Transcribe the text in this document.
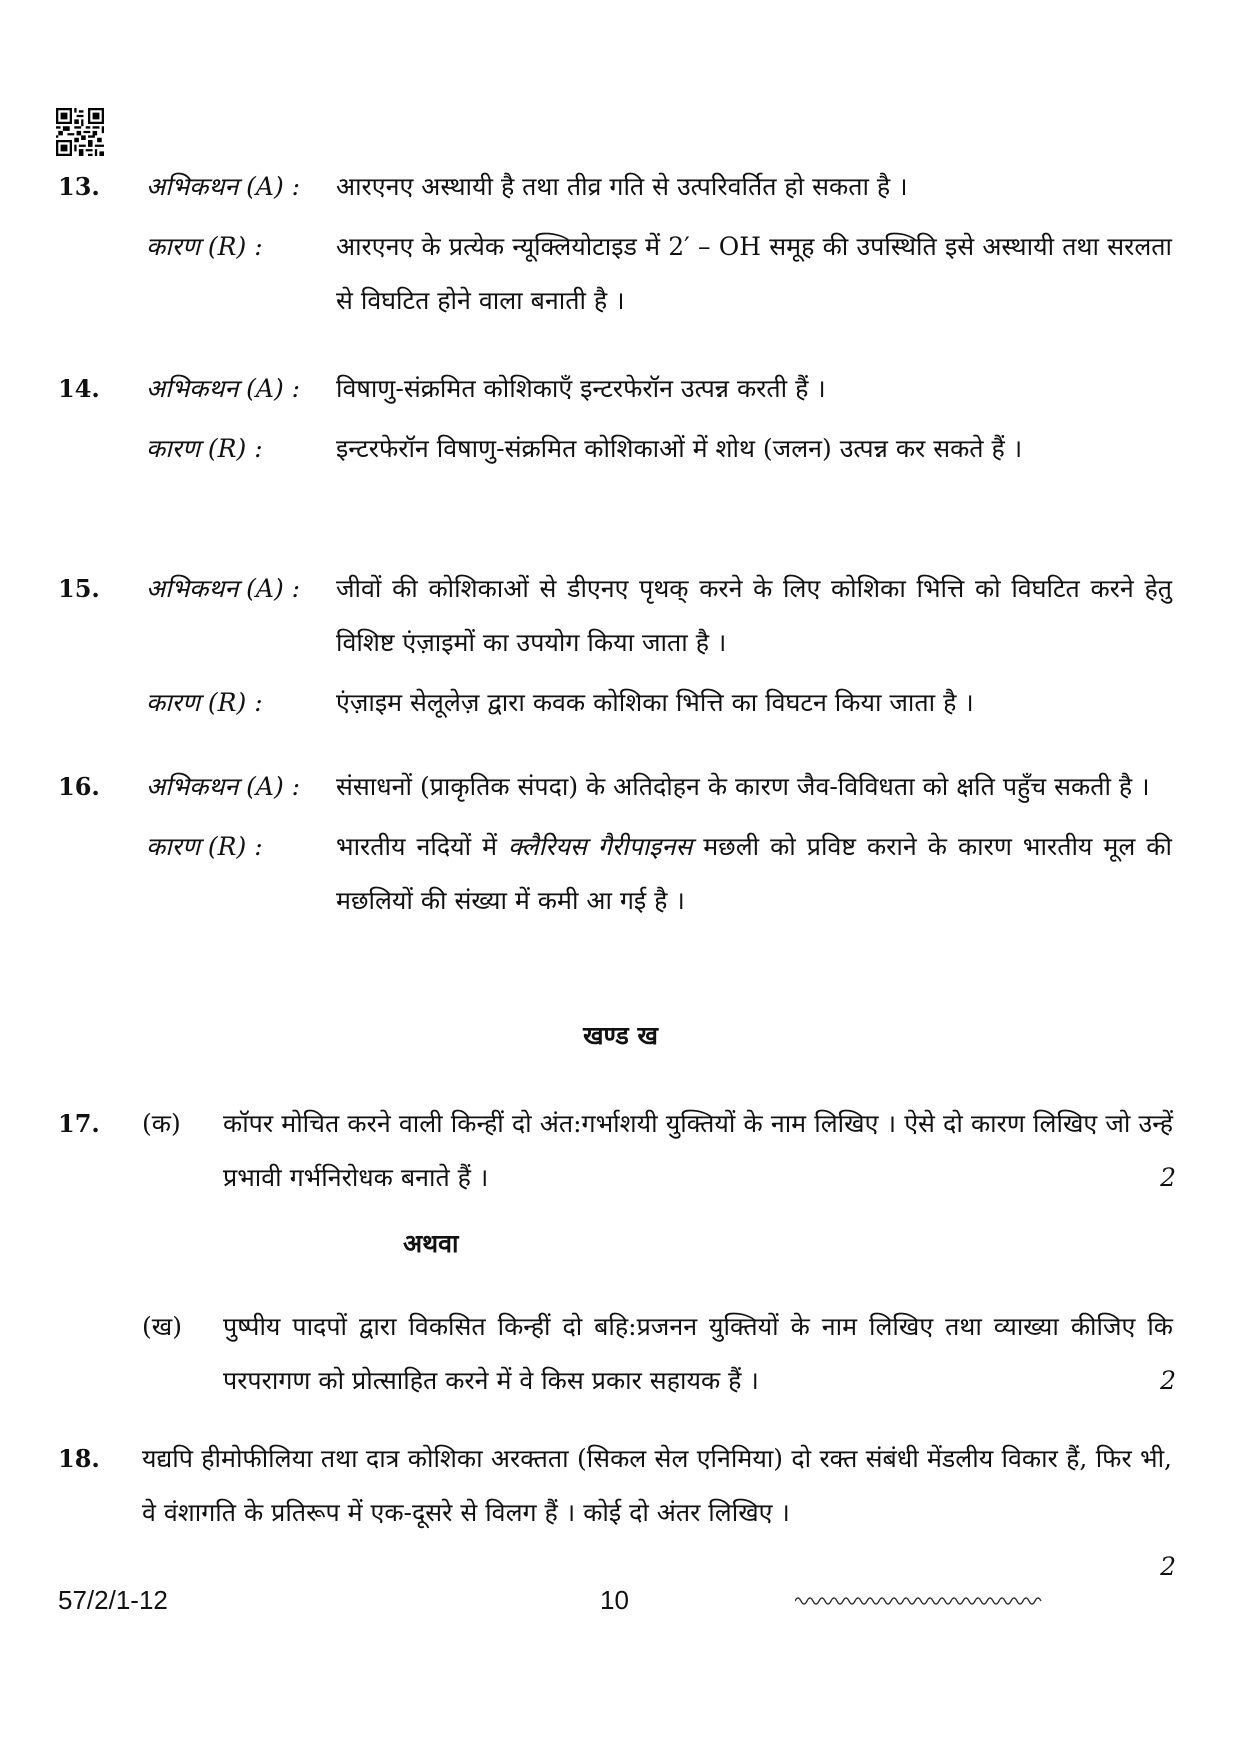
13. अभिकथन (A) : आरएनए अस्थायी है तथा तीव्र गति से उत्परिवर्तित हो सकता है ।
कारण (R) :	आरएनए के प्रत्येक न्यूक्लियोटाइड में 2′ – OH समूह की उपस्थिति इसे अस्थायी तथा सरलता से विघटित होने वाला बनाती है ।
14. अभिकथन (A) : विषाणु-संक्रमित कोशिकाएँ इन्टरफेरॉन उत्पन्न करती हैं ।
कारण (R) :	इन्टरफेरॉन विषाणु-संक्रमित कोशिकाओं में शोथ (जलन) उत्पन्न कर सकते हैं ।
15. अभिकथन (A) : जीवों की कोशिकाओं से डीएनए पृथक् करने के लिए कोशिका भित्ति को विघटित करने हेतु विशिष्ट एंज़ाइमों का उपयोग किया जाता है ।
कारण (R) :	एंज़ाइम सेलूलेज़ द्वारा कवक कोशिका भित्ति का विघटन किया जाता है ।
16. अभिकथन (A) : संसाधनों (प्राकृतिक संपदा) के अतिदोहन के कारण जैव-विविधता को क्षति पहुँच सकती है ।
कारण (R) :	भारतीय नदियों में क्लैरियस गैरीपाइनस मछली को प्रविष्ट कराने के कारण भारतीय मूल की मछलियों की संख्या में कमी आ गई है ।
खण्ड ख
17. (क) कॉपर मोचित करने वाली किन्हीं दो अंत:गर्भाशयी युक्तियों के नाम लिखिए । ऐसे दो कारण लिखिए जो उन्हें प्रभावी गर्भनिरोधक बनाते हैं ।	2
अथवा
(ख) पुष्पीय पादपों द्वारा विकसित किन्हीं दो बहि:प्रजनन युक्तियों के नाम लिखिए तथा व्याख्या कीजिए कि परपरागण को प्रोत्साहित करने में वे किस प्रकार सहायक हैं ।	2
18. यद्यपि हीमोफीलिया तथा दात्र कोशिका अरक्तता (सिकल सेल एनिमिया) दो रक्त संबंधी मेंडलीय विकार हैं, फिर भी, वे वंशागति के प्रतिरूप में एक-दूसरे से विलग हैं । कोई दो अंतर लिखिए ।
2
57/2/1-12	10
